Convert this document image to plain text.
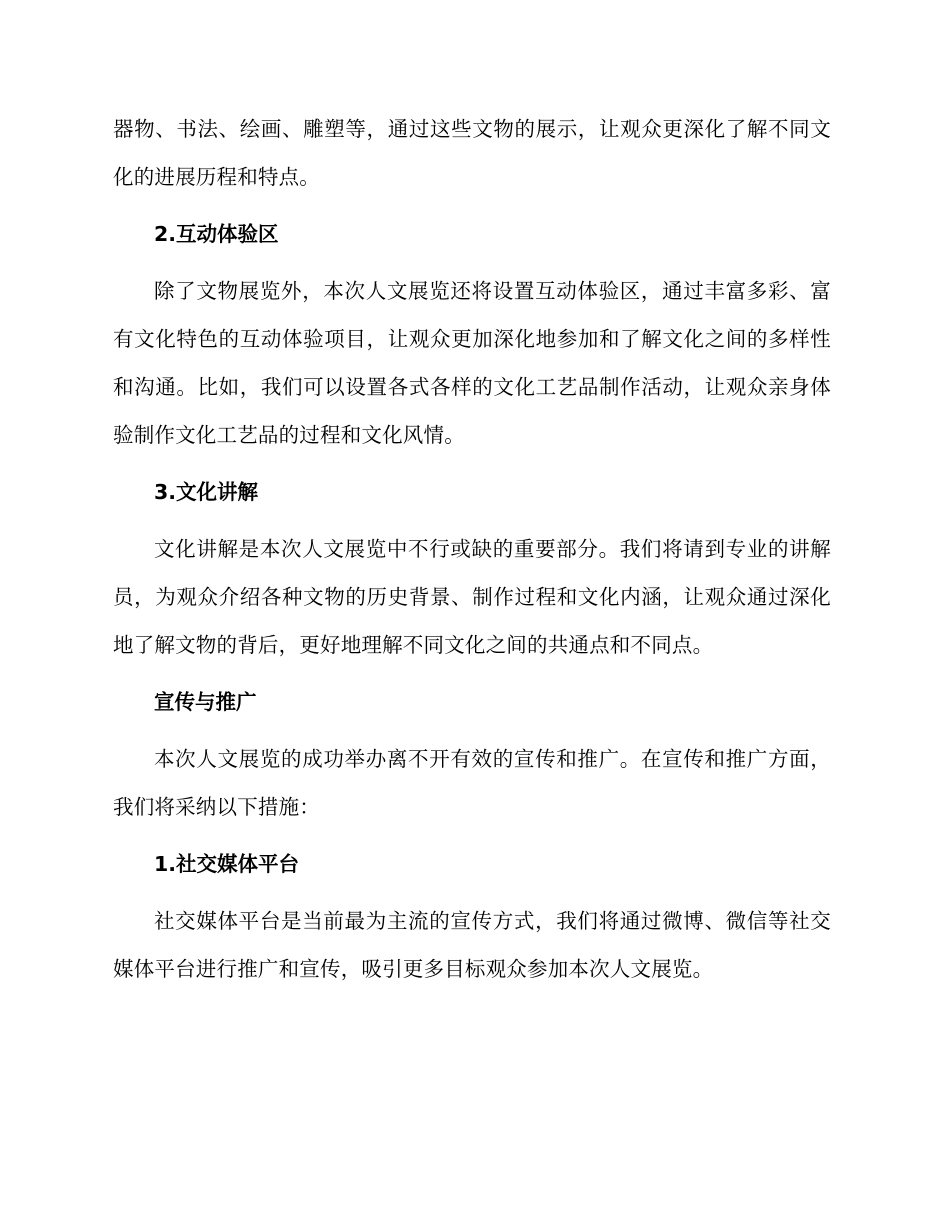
器物、书法、绘画、雕塑等，通过这些文物的展示，让观众更深化了解不同文化的进展历程和特点。

2.互动体验区

除了文物展览外，本次人文展览还将设置互动体验区，通过丰富多彩、富有文化特色的互动体验项目，让观众更加深化地参加和了解文化之间的多样性和沟通。比如，我们可以设置各式各样的文化工艺品制作活动，让观众亲身体验制作文化工艺品的过程和文化风情。

3.文化讲解

文化讲解是本次人文展览中不行或缺的重要部分。我们将请到专业的讲解员，为观众介绍各种文物的历史背景、制作过程和文化内涵，让观众通过深化地了解文物的背后，更好地理解不同文化之间的共通点和不同点。

宣传与推广

本次人文展览的成功举办离不开有效的宣传和推广。在宣传和推广方面，我们将采纳以下措施：

1.社交媒体平台

社交媒体平台是当前最为主流的宣传方式，我们将通过微博、微信等社交媒体平台进行推广和宣传，吸引更多目标观众参加本次人文展览。
